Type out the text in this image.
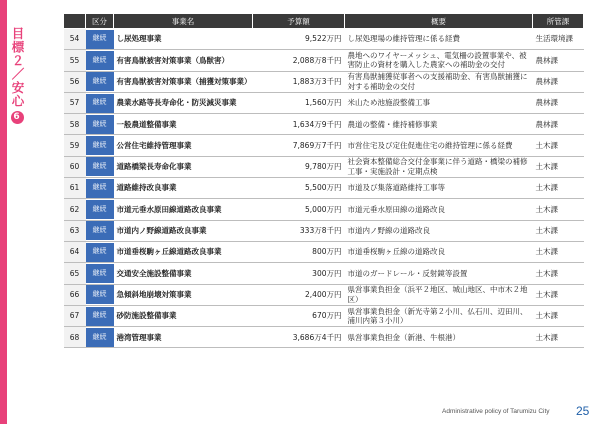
目標２／安心6
	区分	事業名	予算額	概要	所管課
54	継続	し尿処理事業	9,522万円	し尿処理場の維持管理に係る経費	生活環境課
55	継続	有害鳥獣被害対策事業（鳥獣害）	2,088万8千円	農地へのワイヤーメッシュ、電気柵の設置事業や、被害防止の資材を購入した農家への補助金の交付	農林課
56	継続	有害鳥獣被害対策事業（捕獲対策事業）	1,883万3千円	有害鳥獣捕獲従事者への支援補助金、有害鳥獣捕獲に対する補助金の交付	農林課
57	継続	農業水路等長寿命化・防災減災事業	1,560万円	米山ため池施設整備工事	農林課
58	継続	一般農道整備事業	1,634万9千円	農道の整備・維持補修事業	農林課
59	継続	公営住宅維持管理事業	7,869万7千円	市営住宅及び定住促進住宅の維持管理に係る経費	土木課
60	継続	道路橋梁長寿命化事業	9,780万円	社会資本整備総合交付金事業に伴う道路・橋梁の補修工事・実施設計・定期点検	土木課
61	継続	道路維持改良事業	5,500万円	市道及び集落道路維持工事等	土木課
62	継続	市道元垂水原田線道路改良事業	5,000万円	市道元垂水原田線の道路改良	土木課
63	継続	市道内ノ野線道路改良事業	333万8千円	市道内ノ野線の道路改良	土木課
64	継続	市道垂桜駒ヶ丘線道路改良事業	800万円	市道垂桜駒ヶ丘線の道路改良	土木課
65	継続	交通安全施設整備事業	300万円	市道のガードレール・反射鏡等設置	土木課
66	継続	急傾斜地崩壊対策事業	2,400万円	県営事業負担金（浜平２地区、城山地区、中市木２地区）	土木課
67	継続	砂防施設整備事業	670万円	県営事業負担金（新光寺第２小川、仏石川、辺田川、浦川内第３小川）	土木課
68	継続	港湾管理事業	3,686万4千円	県営事業負担金（新港、牛根港）	土木課
Administrative policy of Tarumizu City 25
